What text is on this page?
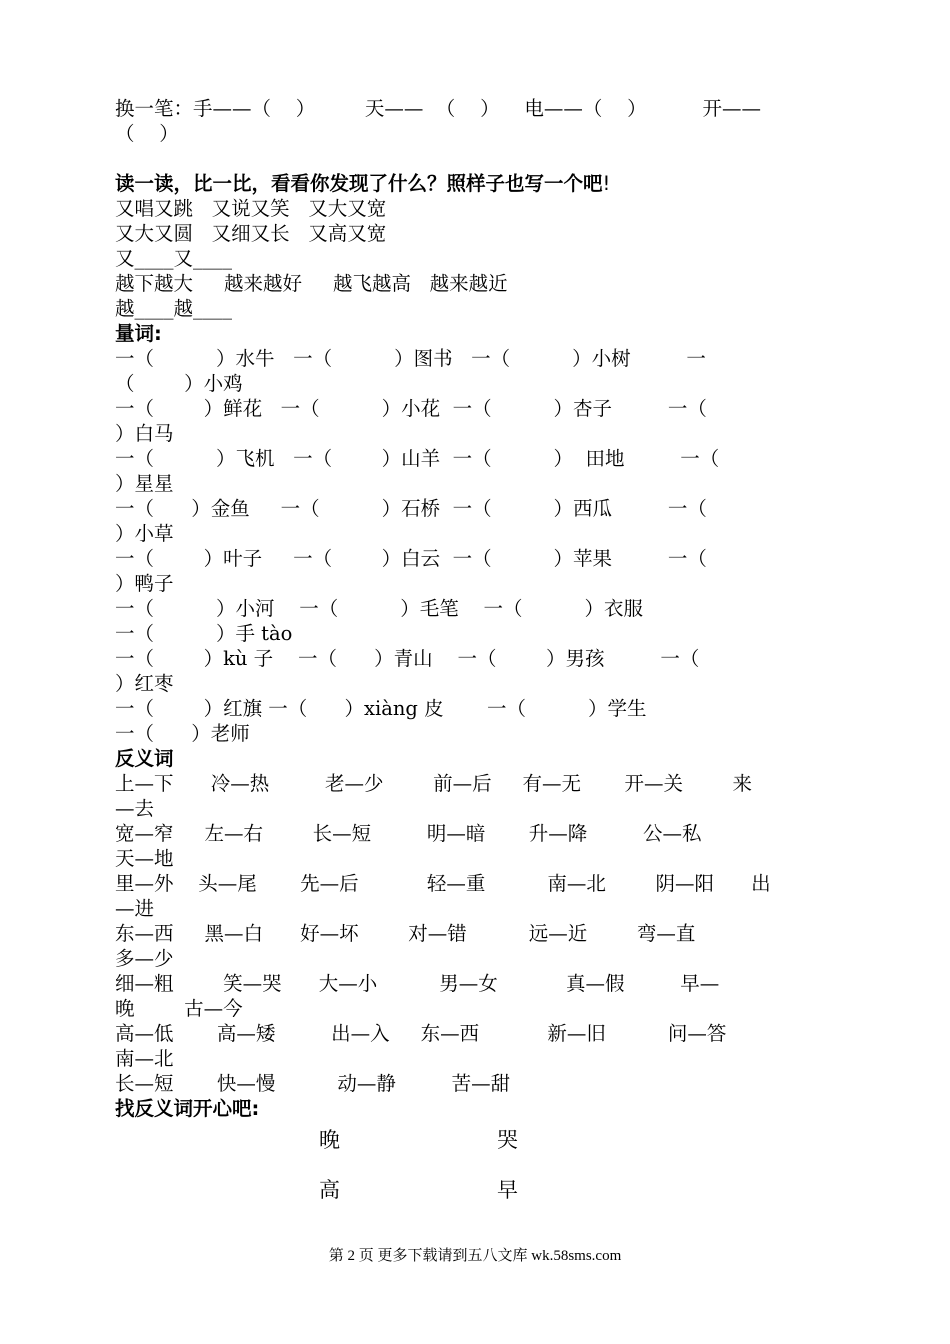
换一笔：手——（    ）        天——  （    ）    电——（    ）         开——
（    ）
读一读，比一比，看看你发现了什么？照样子也写一个吧!
又唱又跳   又说又笑   又大又宽
又大又圆   又细又长   又高又宽
又____又____
越下越大     越来越好     越飞越高   越来越近
越____越____
量词:
一（          ）水牛   一（          ）图书   一（          ）小树         一
（        ）小鸡
一（        ）鲜花   一（          ）小花  一（          ）杏子         一（
）白马
一（          ）飞机   一（        ）山羊  一（          ）  田地         一（
）星星
一（      ）金鱼     一（          ）石桥  一（          ）西瓜         一（
）小草
一（        ）叶子     一（        ）白云  一（          ）苹果         一（
）鸭子
一（          ）小河    一（          ）毛笔    一（          ）衣服
一（          ）手 tào
一（        ）kù 子    一（      ）青山    一（        ）男孩         一（
）红枣
一（        ）红旗 一（      ）xiàng 皮       一（          ）学生
一（      ）老师
反义词
上—下      冷—热         老—少        前—后     有—无       开—关        来
—去
宽—窄     左—右        长—短         明—暗       升—降         公—私
天—地
里—外    头—尾       先—后           轻—重          南—北        阴—阳      出
—进
东—西     黑—白      好—坏        对—错          远—近        弯—直
多—少
细—粗        笑—哭      大—小          男—女           真—假         早—
晚        古—今
高—低       高—矮         出—入     东—西           新—旧          问—答
南—北
长—短       快—慢          动—静         苦—甜
找反义词开心吧:
晚	哭
高	早
第 2 页 更多下载请到五八文库 wk.58sms.com
